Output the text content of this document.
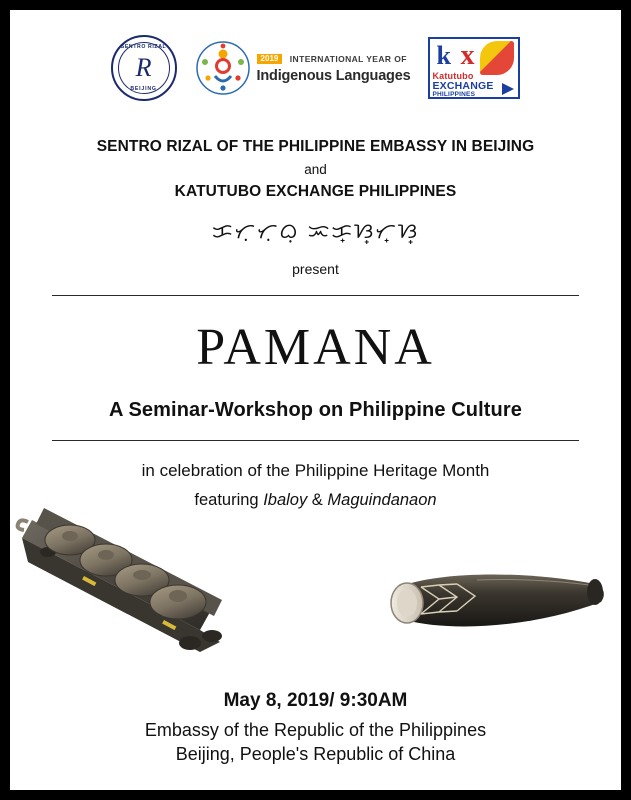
SENTRO RIZAL
R
BEIJING
2019 INTERNATIONAL YEAR OF
Indigenous Languages
k x
Katutubo
EXCHANGE
PHILIPPINES
SENTRO RIZAL OF THE PHILIPPINE EMBASSY IN BEIJING
and
KATUTUBO EXCHANGE PHILIPPINES
ᜃᜆᜓᜆᜓᜊᜓ ᜁᜃ᜔ᜐ᜔ᜆ᜔ᜐ᜔
present
PAMANA
A Seminar-Workshop on Philippine Culture
in celebration of the Philippine Heritage Month
featuring Ibaloy & Maguindanaon
May 8, 2019/ 9:30AM
Embassy of the Republic of the Philippines
Beijing, People's Republic of China
